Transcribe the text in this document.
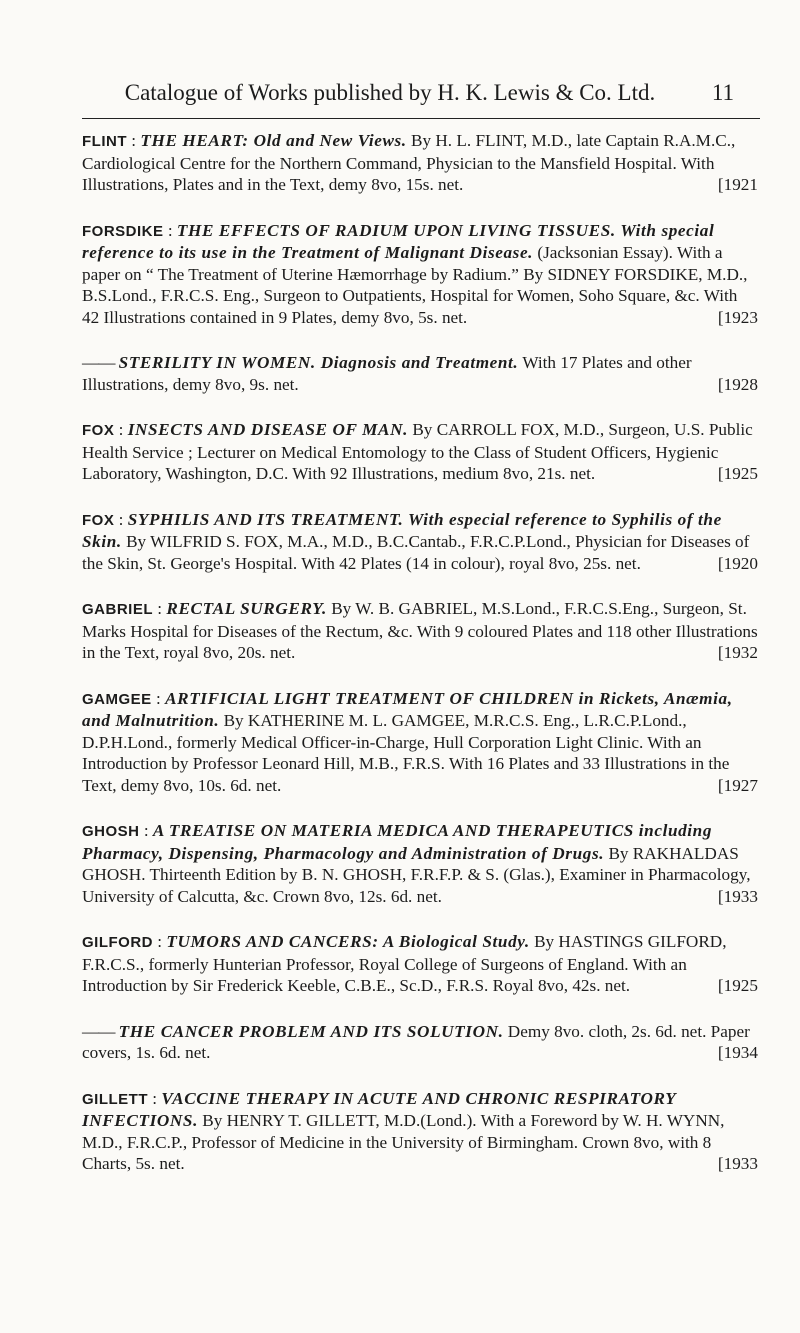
Catalogue of Works published by H. K. Lewis & Co. Ltd. 11
FLINT : THE HEART: Old and New Views. By H. L. FLINT, M.D., late Captain R.A.M.C., Cardiological Centre for the Northern Command, Physician to the Mansfield Hospital. With Illustrations, Plates and in the Text, demy 8vo, 15s. net.	[1921
FORSDIKE : THE EFFECTS OF RADIUM UPON LIVING TISSUES. With special reference to its use in the Treatment of Malignant Disease. (Jacksonian Essay). With a paper on “ The Treatment of Uterine Hæmorrhage by Radium.” By SIDNEY FORSDIKE, M.D., B.S.Lond., F.R.C.S. Eng., Surgeon to Outpatients, Hospital for Women, Soho Square, &c. With 42 Illustrations contained in 9 Plates, demy 8vo, 5s. net.	[1923
—— STERILITY IN WOMEN. Diagnosis and Treatment. With 17 Plates and other Illustrations, demy 8vo, 9s. net.	[1928
FOX : INSECTS AND DISEASE OF MAN. By CARROLL FOX, M.D., Surgeon, U.S. Public Health Service ; Lecturer on Medical Entomology to the Class of Student Officers, Hygienic Laboratory, Washington, D.C. With 92 Illustrations, medium 8vo, 21s. net.	[1925
FOX : SYPHILIS AND ITS TREATMENT. With especial reference to Syphilis of the Skin. By WILFRID S. FOX, M.A., M.D., B.C.Cantab., F.R.C.P.Lond., Physician for Diseases of the Skin, St. George's Hospital. With 42 Plates (14 in colour), royal 8vo, 25s. net.	[1920
GABRIEL : RECTAL SURGERY. By W. B. GABRIEL, M.S.Lond., F.R.C.S.Eng., Surgeon, St. Marks Hospital for Diseases of the Rectum, &c. With 9 coloured Plates and 118 other Illustrations in the Text, royal 8vo, 20s. net.	[1932
GAMGEE : ARTIFICIAL LIGHT TREATMENT OF CHILDREN in Rickets, Anæmia, and Malnutrition. By KATHERINE M. L. GAMGEE, M.R.C.S. Eng., L.R.C.P.Lond., D.P.H.Lond., formerly Medical Officer-in-Charge, Hull Corporation Light Clinic. With an Introduction by Professor Leonard Hill, M.B., F.R.S. With 16 Plates and 33 Illustrations in the Text, demy 8vo, 10s. 6d. net.	[1927
GHOSH : A TREATISE ON MATERIA MEDICA AND THERAPEUTICS including Pharmacy, Dispensing, Pharmacology and Administration of Drugs. By RAKHALDAS GHOSH. Thirteenth Edition by B. N. GHOSH, F.R.F.P. & S. (Glas.), Examiner in Pharmacology, University of Calcutta, &c. Crown 8vo, 12s. 6d. net.	[1933
GILFORD : TUMORS AND CANCERS: A Biological Study. By HASTINGS GILFORD, F.R.C.S., formerly Hunterian Professor, Royal College of Surgeons of England. With an Introduction by Sir Frederick Keeble, C.B.E., Sc.D., F.R.S. Royal 8vo, 42s. net.	[1925
—— THE CANCER PROBLEM AND ITS SOLUTION. Demy 8vo. cloth, 2s. 6d. net. Paper covers, 1s. 6d. net.	[1934
GILLETT : VACCINE THERAPY IN ACUTE AND CHRONIC RESPIRATORY INFECTIONS. By HENRY T. GILLETT, M.D.(Lond.). With a Foreword by W. H. WYNN, M.D., F.R.C.P., Professor of Medicine in the University of Birmingham. Crown 8vo, with 8 Charts, 5s. net.	[1933
